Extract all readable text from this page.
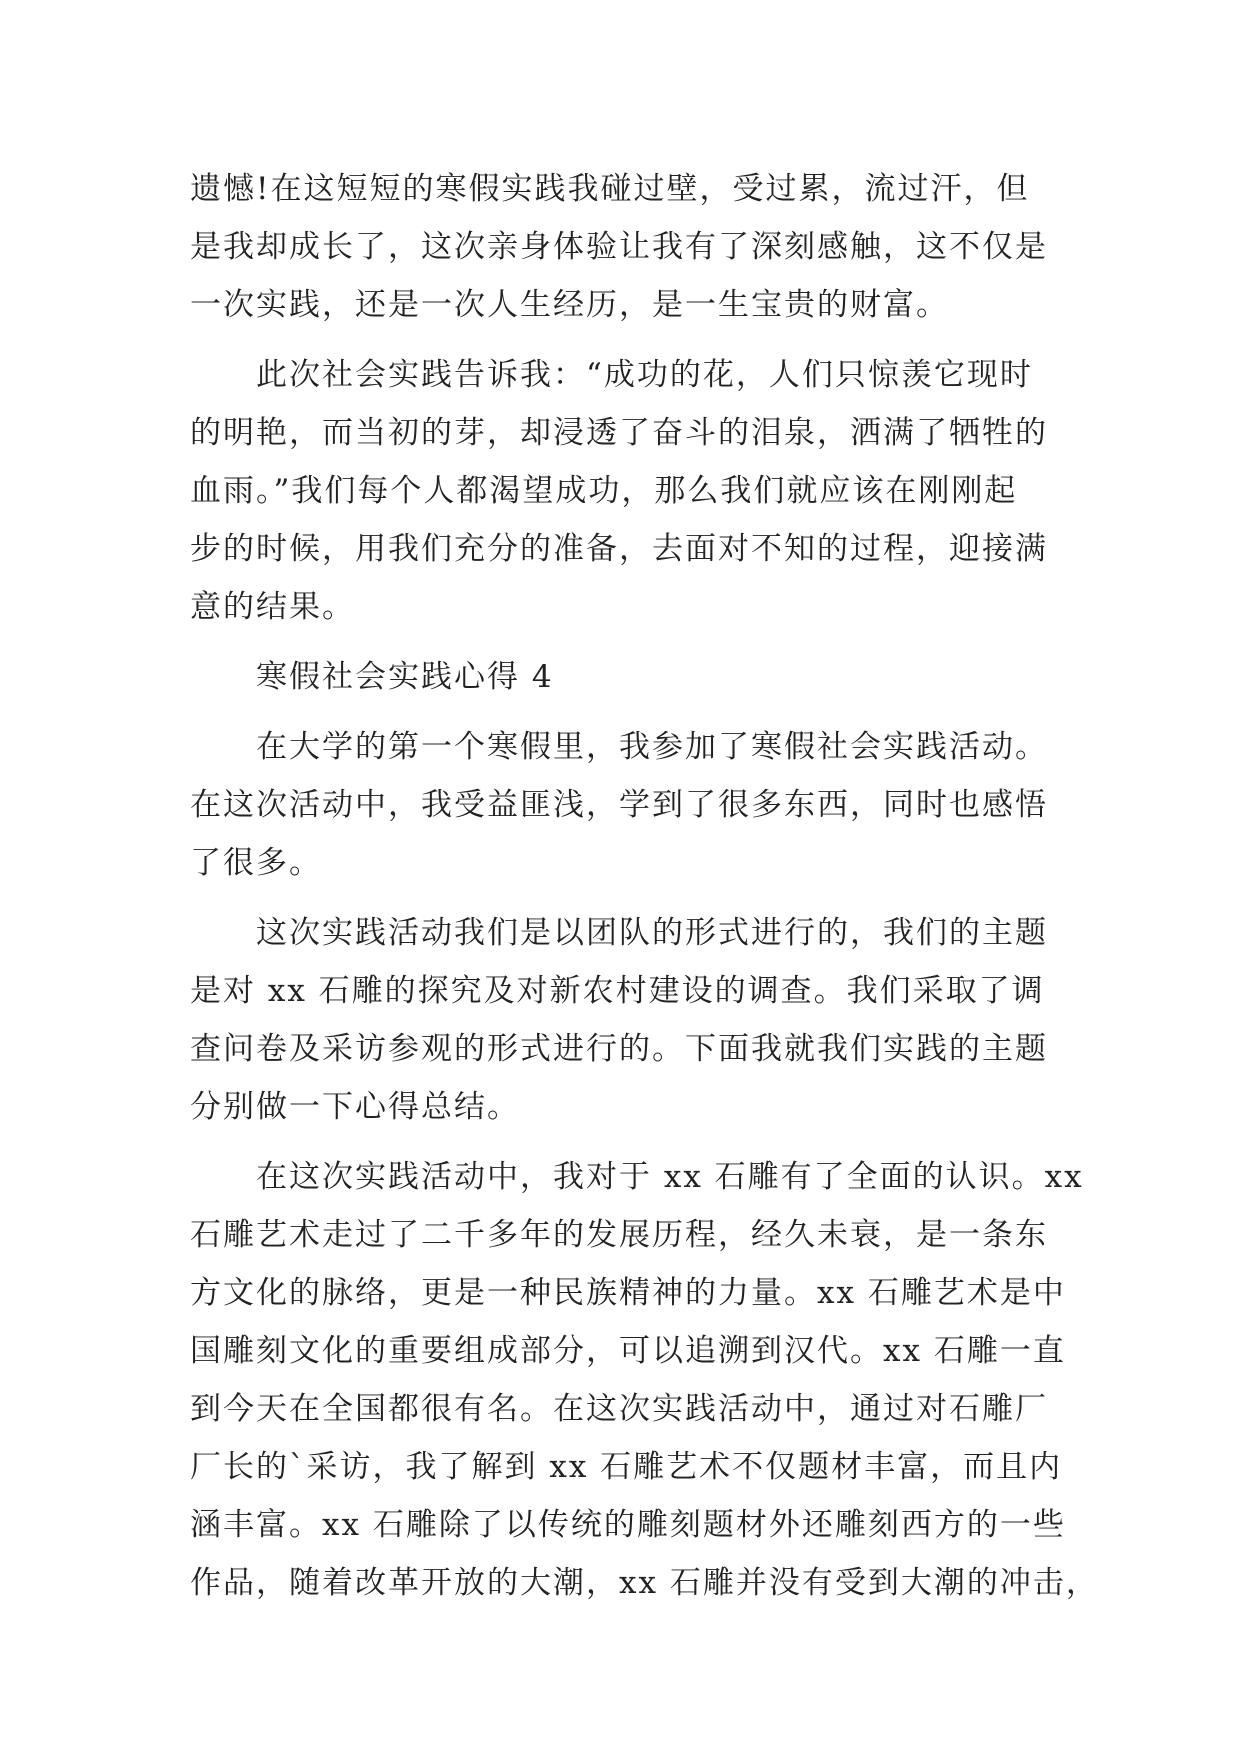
遗憾!在这短短的寒假实践我碰过壁，受过累，流过汗，但
是我却成长了，这次亲身体验让我有了深刻感触，这不仅是
一次实践，还是一次人生经历，是一生宝贵的财富。
此次社会实践告诉我：“成功的花，人们只惊羡它现时
的明艳，而当初的芽，却浸透了奋斗的泪泉，洒满了牺牲的
血雨。”我们每个人都渴望成功，那么我们就应该在刚刚起
步的时候，用我们充分的准备，去面对不知的过程，迎接满
意的结果。
寒假社会实践心得 4
在大学的第一个寒假里，我参加了寒假社会实践活动。
在这次活动中，我受益匪浅，学到了很多东西，同时也感悟
了很多。
这次实践活动我们是以团队的形式进行的，我们的主题
是对 xx 石雕的探究及对新农村建设的调查。我们采取了调
查问卷及采访参观的形式进行的。下面我就我们实践的主题
分别做一下心得总结。
在这次实践活动中，我对于 xx 石雕有了全面的认识。xx
石雕艺术走过了二千多年的发展历程，经久未衰，是一条东
方文化的脉络，更是一种民族精神的力量。xx 石雕艺术是中
国雕刻文化的重要组成部分，可以追溯到汉代。xx 石雕一直
到今天在全国都很有名。在这次实践活动中，通过对石雕厂
厂长的`采访，我了解到 xx 石雕艺术不仅题材丰富，而且内
涵丰富。xx 石雕除了以传统的雕刻题材外还雕刻西方的一些
作品，随着改革开放的大潮，xx 石雕并没有受到大潮的冲击，
